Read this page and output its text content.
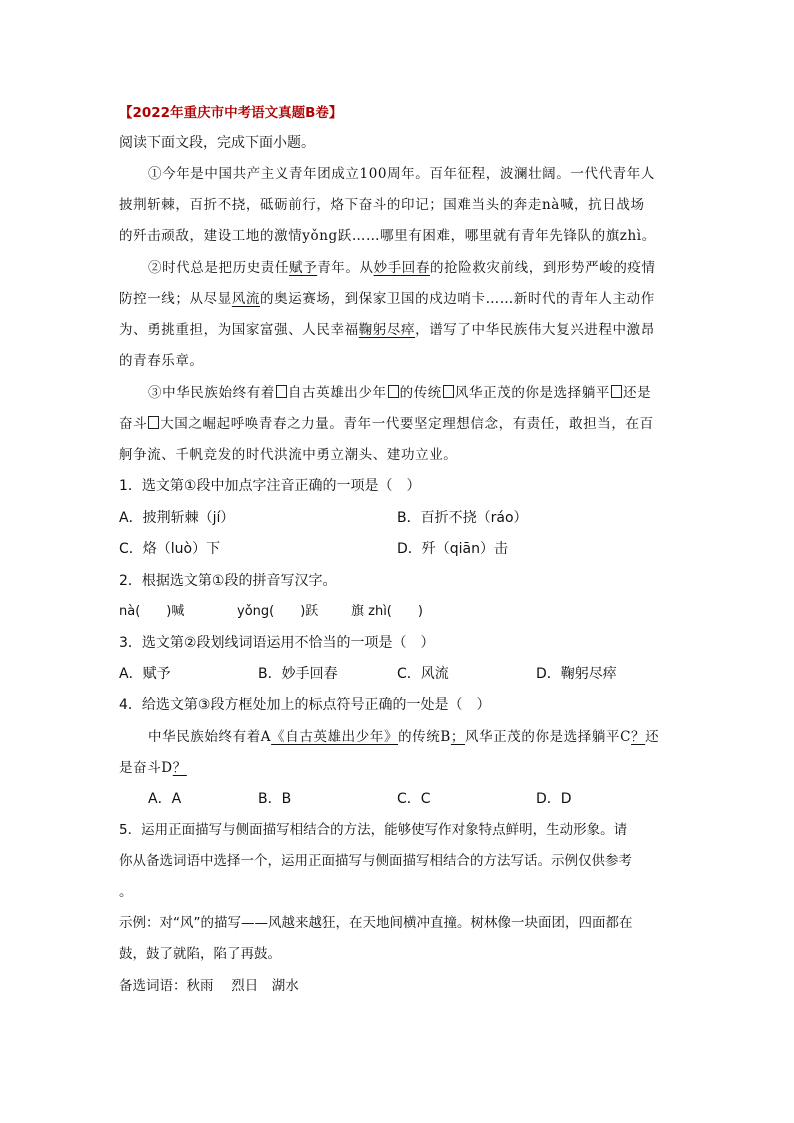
【2022年重庆市中考语文真题B卷】
阅读下面文段，完成下面小题。
①今年是中国共产主义青年团成立100周年。百年征程，波澜壮阔。一代代青年人
披荆斩棘，百折不挠，砥砺前行，烙下奋斗的印记；国难当头的奔走nà喊，抗日战场
的歼击顽敌，建设工地的激情yǒng跃……哪里有困难，哪里就有青年先锋队的旗zhì。
②时代总是把历史责任赋予青年。从妙手回春的抢险救灾前线，到形势严峻的疫情
防控一线；从尽显风流的奥运赛场，到保家卫国的戍边哨卡……新时代的青年人主动作
为、勇挑重担，为国家富强、人民幸福鞠躬尽瘁，谱写了中华民族伟大复兴进程中激昂
的青春乐章。
③中华民族始终有着 自古英雄出少年 的传统 风华正茂的你是选择躺平 还是
奋斗 大国之崛起呼唤青春之力量。青年一代要坚定理想信念，有责任，敢担当，在百
舸争流、千帆竞发的时代洪流中勇立潮头、建功立业。
1．选文第①段中加点字注音正确的一项是（　）
A．披荆斩棘（jí）	B．百折不挠（ráo）
C．烙（luò）下	D．歼（qiān）击
2．根据选文第①段的拼音写汉字。
nà(　　)喊	yǒng(　　)跃	旗 zhì(　　)
3．选文第②段划线词语运用不恰当的一项是（　）
A．赋予	B．妙手回春	C．风流	D．鞠躬尽瘁
4．给选文第③段方框处加上的标点符号正确的一处是（　）
中华民族始终有着A《自古英雄出少年》的传统B；风华正茂的你是选择躺平C？还
是奋斗D？
A．A	B．B	C．C	D．D
5．运用正面描写与侧面描写相结合的方法，能够使写作对象特点鲜明，生动形象。请
你从备选词语中选择一个，运用正面描写与侧面描写相结合的方法写话。示例仅供参考
。
示例：对“风”的描写——风越来越狂，在天地间横冲直撞。树林像一块面团，四面都在
鼓，鼓了就陷，陷了再鼓。
备选词语：秋雨　 烈日　湖水
